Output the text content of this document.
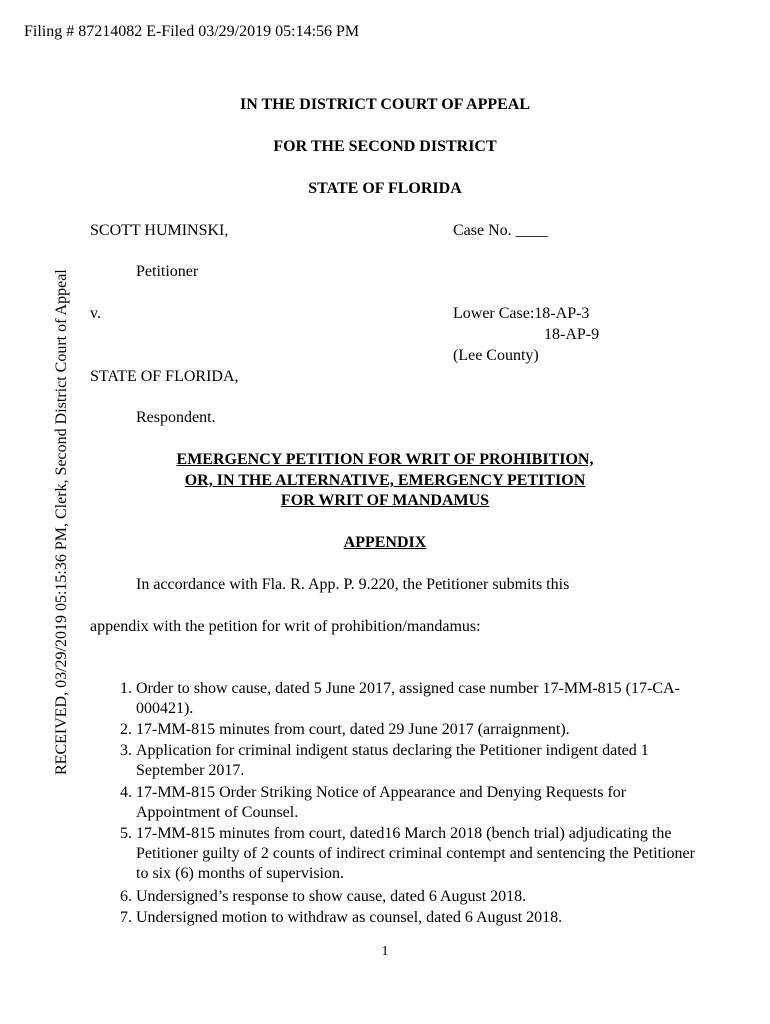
Filing # 87214082 E-Filed 03/29/2019 05:14:56 PM
RECEIVED, 03/29/2019 05:15:36 PM, Clerk, Second District Court of Appeal
IN THE DISTRICT COURT OF APPEAL
FOR THE SECOND DISTRICT
STATE OF FLORIDA
SCOTT HUMINSKI,	Case No. ____
Petitioner
v.	Lower Case:18-AP-3
18-AP-9
(Lee County)
STATE OF FLORIDA,
Respondent.
EMERGENCY PETITION FOR WRIT OF PROHIBITION,
OR, IN THE ALTERNATIVE, EMERGENCY PETITION
FOR WRIT OF MANDAMUS
APPENDIX
In accordance with Fla. R. App. P. 9.220, the Petitioner submits this
appendix with the petition for writ of prohibition/mandamus:
1. Order to show cause, dated 5 June 2017, assigned case number 17-MM-815 (17-CA-000421).
2. 17-MM-815 minutes from court, dated 29 June 2017 (arraignment).
3. Application for criminal indigent status declaring the Petitioner indigent dated 1 September 2017.
4. 17-MM-815 Order Striking Notice of Appearance and Denying Requests for Appointment of Counsel.
5. 17-MM-815 minutes from court, dated16 March 2018 (bench trial) adjudicating the Petitioner guilty of 2 counts of indirect criminal contempt and sentencing the Petitioner to six (6) months of supervision.
6. Undersigned’s response to show cause, dated 6 August 2018.
7. Undersigned motion to withdraw as counsel, dated 6 August 2018.
1
